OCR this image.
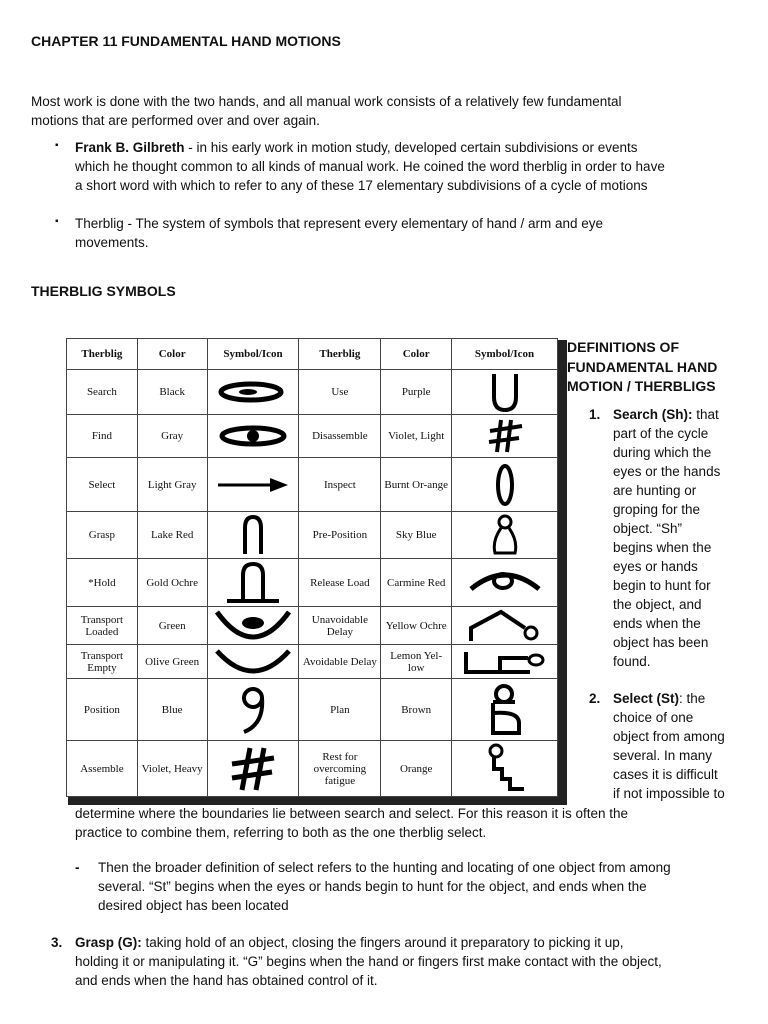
CHAPTER 11 FUNDAMENTAL HAND MOTIONS
Most work is done with the two hands, and all manual work consists of a relatively few fundamental
motions that are performed over and over again.
▪ Frank B. Gilbreth - in his early work in motion study, developed certain subdivisions or events
which he thought common to all kinds of manual work. He coined the word therblig in order to have
a short word with which to refer to any of these 17 elementary subdivisions of a cycle of motions
▪ Therblig - The system of symbols that represent every elementary of hand / arm and eye
movements.
THERBLIG SYMBOLS
Therblig	Color	Symbol/Icon	Therblig	Color	Symbol/Icon
Search	Black		Use	Purple	

Find	Gray		Disassemble	Violet, Light	

Select	Light Gray		Inspect	Burnt Or-ange	

Grasp	Lake Red		Pre-Position	Sky Blue	

*Hold	Gold Ochre		Release Load	Carmine Red	

Transport Loaded	Green		Unavoidable Delay	Yellow Ochre	

Transport Empty	Olive Green		Avoidable Delay	Lemon Yel-low	

Position	Blue		Plan	Brown	

Assemble	Violet, Heavy		Rest for overcoming fatigue	Orange	
DEFINITIONS OF
FUNDAMENTAL HAND
MOTION / THERBLIGS
1. Search (Sh): that
part of the cycle
during which the
eyes or the hands
are hunting or
groping for the
object. “Sh”
begins when the
eyes or hands
begin to hunt for
the object, and
ends when the
object has been
found.
2. Select (St): the
choice of one
object from among
several. In many
cases it is difficult
if not impossible to
determine where the boundaries lie between search and select. For this reason it is often the
practice to combine them, referring to both as the one therblig select.
- Then the broader definition of select refers to the hunting and locating of one object from among
several. “St” begins when the eyes or hands begin to hunt for the object, and ends when the
desired object has been located
3. Grasp (G): taking hold of an object, closing the fingers around it preparatory to picking it up,
holding it or manipulating it. “G” begins when the hand or fingers first make contact with the object,
and ends when the hand has obtained control of it.
